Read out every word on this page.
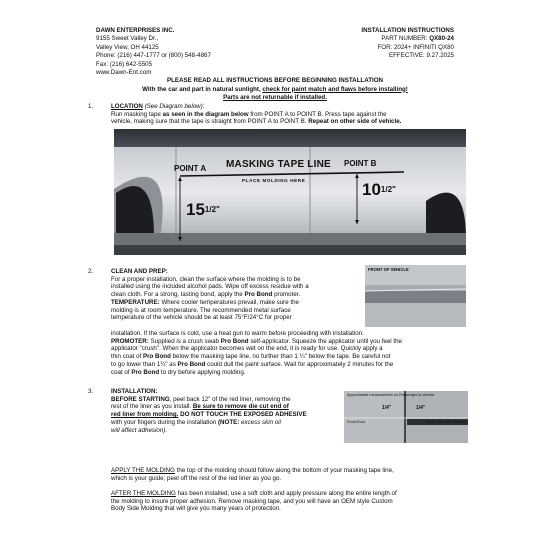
DAWN ENTERPRISES INC.
9155 Sweet Valley Dr.,
Valley View, OH 44125
Phone: (216) 447-1777 or (800) 548-4867
Fax: (216) 642-5505
www.Dawn-Ent.com
INSTALLATION INSTRUCTIONS
PART NUMBER: QX80-24
FOR: 2024+ INFINITI QX80
EFFECTIVE: 9.27.2025
PLEASE READ ALL INSTRUCTIONS BEFORE BEGINNING INSTALLATION
With the car and part in natural sunlight, check for paint match and flaws before installing!
Parts are not returnable if installed.
1.	LOCATION (See Diagram below):

Run masking tape as seen in the diagram below from POINT A to POINT B. Press tape against the

vehicle, making sure that the tape is straight from POINT A to POINT B. Repeat on other side of vehicle.

POINT A
POINT B
MASKING TAPE LINE
PLACE MOLDING HERE
$15^{1/2"}$
$10^{1/2"}$
2.	CLEAN AND PREP:

For a proper installation, clean the surface where the molding is to be

installed using the included alcohol pads. Wipe off excess residue with a

clean cloth. For a strong, lasting bond, apply the Pro Bond promoter.

TEMPERATURE: Where cooler temperatures prevail, make sure the

molding is at room temperature. The recommended metal surface

temperature of the vehicle should be at least 75°F/24°C for proper

installation. If the surface is cold, use a heat gun to warm before proceeding with installation.

PROMOTER: Supplied is a crush swab Pro Bond self-applicator. Squeeze the applicator until you feel the

applicator "crush". When the applicator becomes wet on the end, it is ready for use. Quickly apply a

thin coat of Pro Bond below the masking tape line, no further than 1 ¼" below the tape. Be careful not

to go lower than 1¼" as Pro Bond could dull the paint surface. Wait for approximately 2 minutes for the

coat of Pro Bond to dry before applying molding.

FRONT OF VEHICLE
3.	INSTALLATION:

BEFORE STARTING, peel back 12" of the red liner, removing the

rest of the liner as you install. Be sure to remove die cut end of

red liner from molding. DO NOT TOUCH THE EXPOSED ADHESIVE

with your fingers during the installation (NOTE: excess skin oil

will affect adhesion).

Approximate measurement on Passenger to vehicle
Front Door
1/4"	1/4"
Rear Door with Molding

APPLY THE MOLDING the top of the molding should follow along the bottom of your masking tape line,

which is your guide; peel off the rest of the red liner as you go.

AFTER THE MOLDING has been installed, use a soft cloth and apply pressure along the entire length of

the molding to insure proper adhesion. Remove masking tape, and you will have an OEM style Custom

Body Side Molding that will give you many years of protection.
